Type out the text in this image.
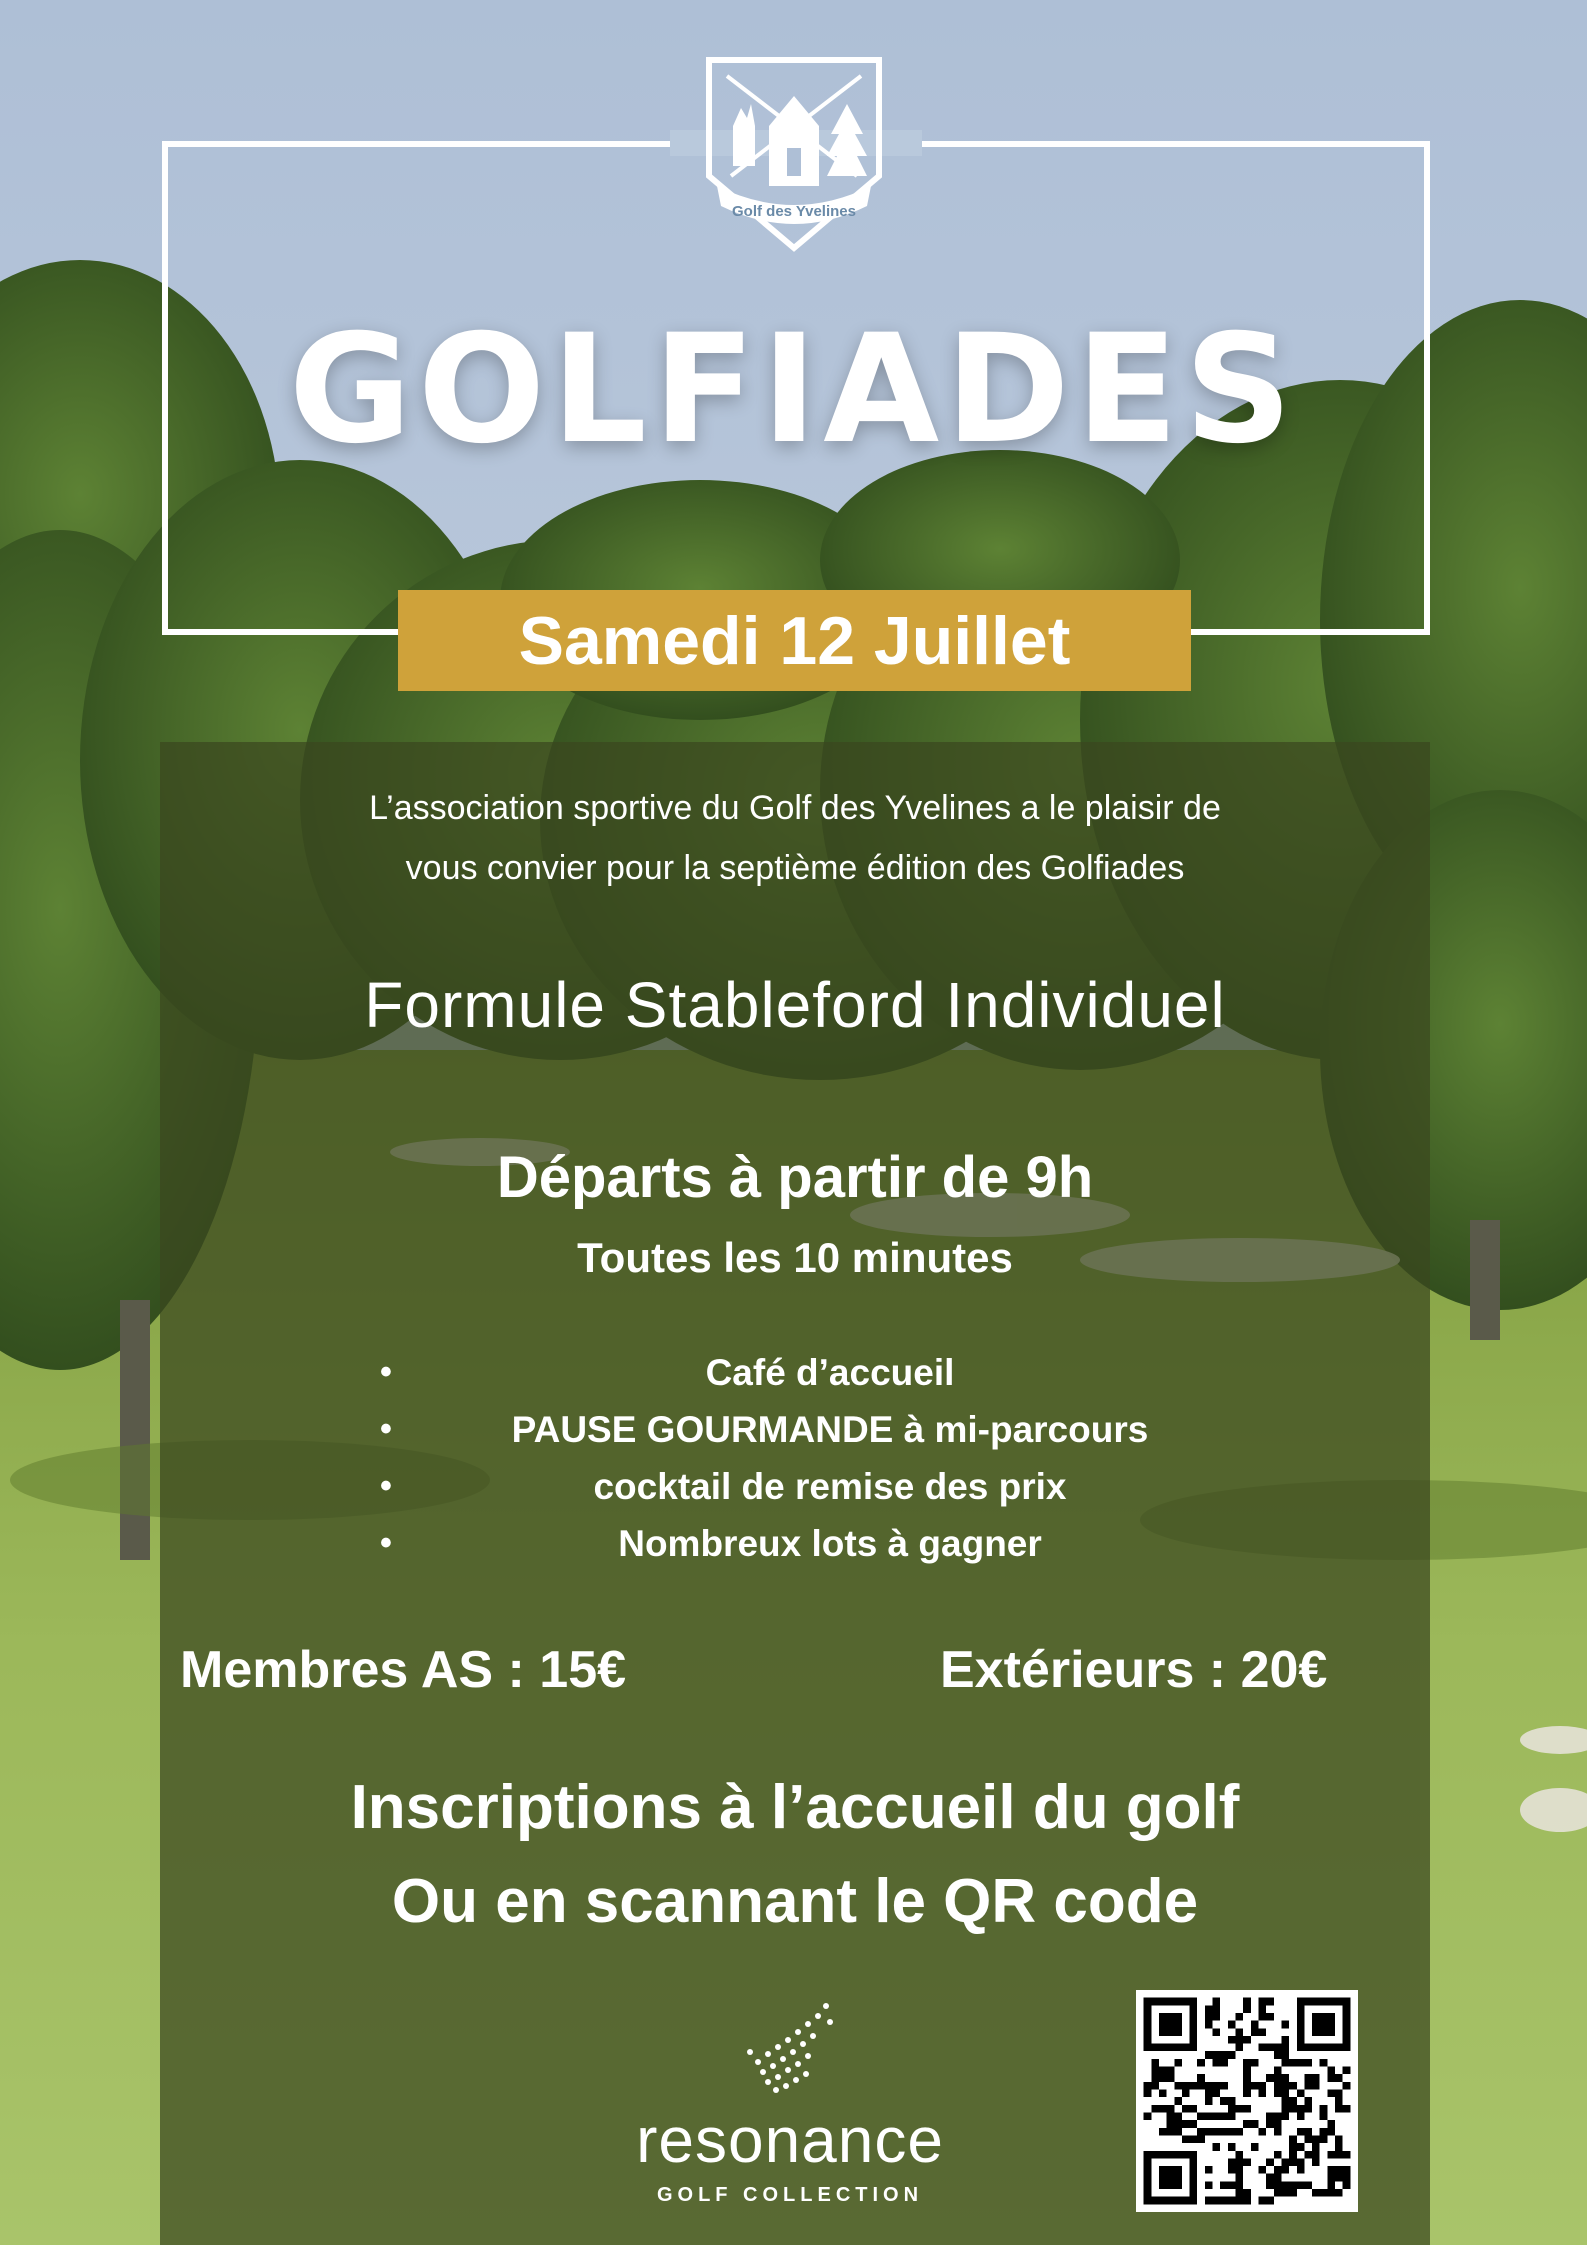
Golf des Yvelines
GOLFIADES
Samedi 12 Juillet
L’association sportive du Golf des Yvelines a le plaisir de
vous convier pour la septième édition des Golfiades
Formule Stableford Individuel
Départs à partir de 9h
Toutes les 10 minutes
•	Café d’accueil
•	PAUSE GOURMANDE à mi-parcours
•	cocktail de remise des prix
•	Nombreux lots à gagner
Membres AS : 15€	Extérieurs : 20€
Inscriptions à l’accueil du golf
Ou en scannant le QR code
resonance
GOLF COLLECTION
